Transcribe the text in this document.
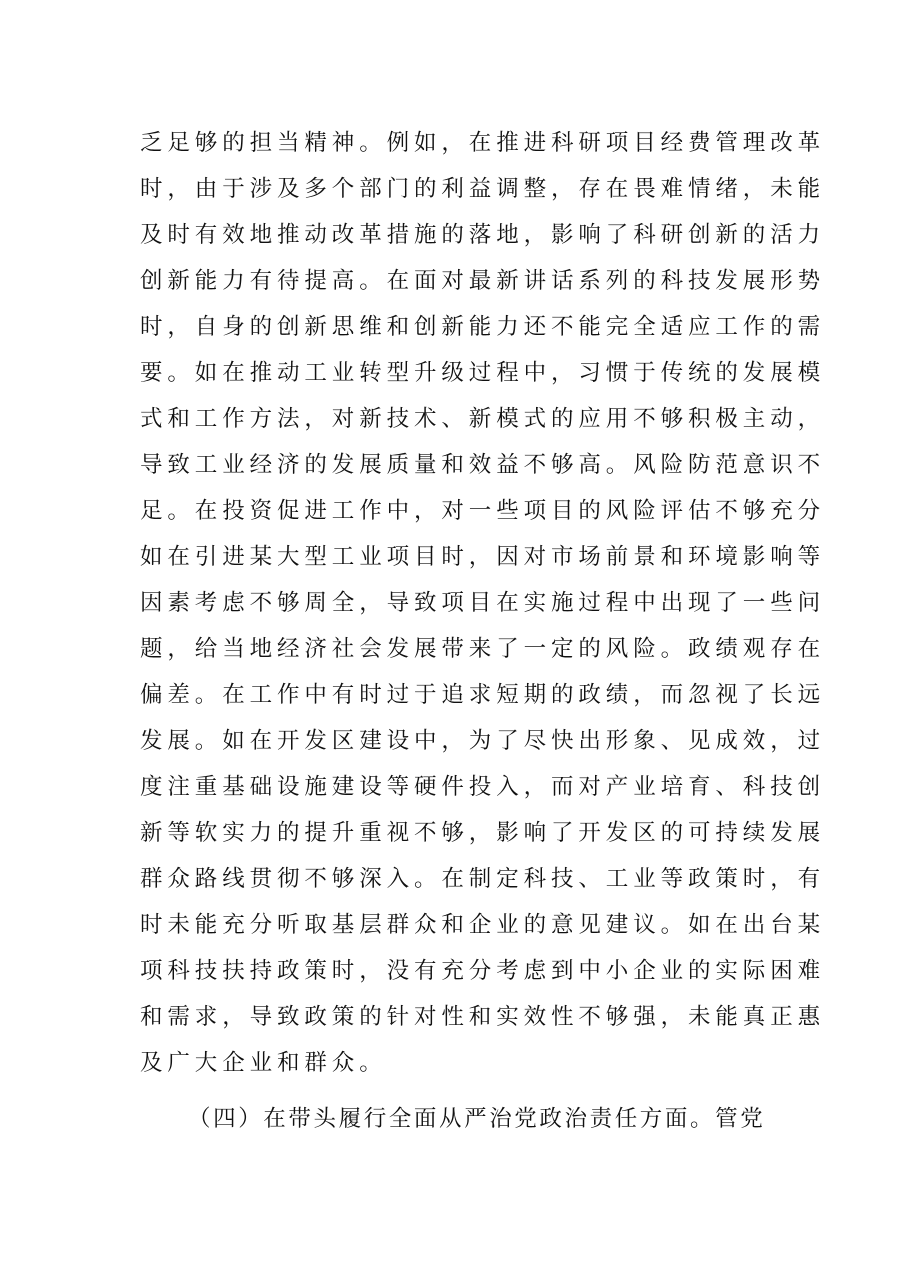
乏足够的担当精神。例如，在推进科研项目经费管理改革
时，由于涉及多个部门的利益调整，存在畏难情绪，未能
及时有效地推动改革措施的落地，影响了科研创新的活力
创新能力有待提高。在面对最新讲话系列的科技发展形势
时，自身的创新思维和创新能力还不能完全适应工作的需
要。如在推动工业转型升级过程中，习惯于传统的发展模
式和工作方法，对新技术、新模式的应用不够积极主动，
导致工业经济的发展质量和效益不够高。风险防范意识不
足。在投资促进工作中，对一些项目的风险评估不够充分
如在引进某大型工业项目时，因对市场前景和环境影响等
因素考虑不够周全，导致项目在实施过程中出现了一些问
题，给当地经济社会发展带来了一定的风险。政绩观存在
偏差。在工作中有时过于追求短期的政绩，而忽视了长远
发展。如在开发区建设中，为了尽快出形象、见成效，过
度注重基础设施建设等硬件投入，而对产业培育、科技创
新等软实力的提升重视不够，影响了开发区的可持续发展
群众路线贯彻不够深入。在制定科技、工业等政策时，有
时未能充分听取基层群众和企业的意见建议。如在出台某
项科技扶持政策时，没有充分考虑到中小企业的实际困难
和需求，导致政策的针对性和实效性不够强，未能真正惠
及广大企业和群众。
（四）在带头履行全面从严治党政治责任方面。管党
